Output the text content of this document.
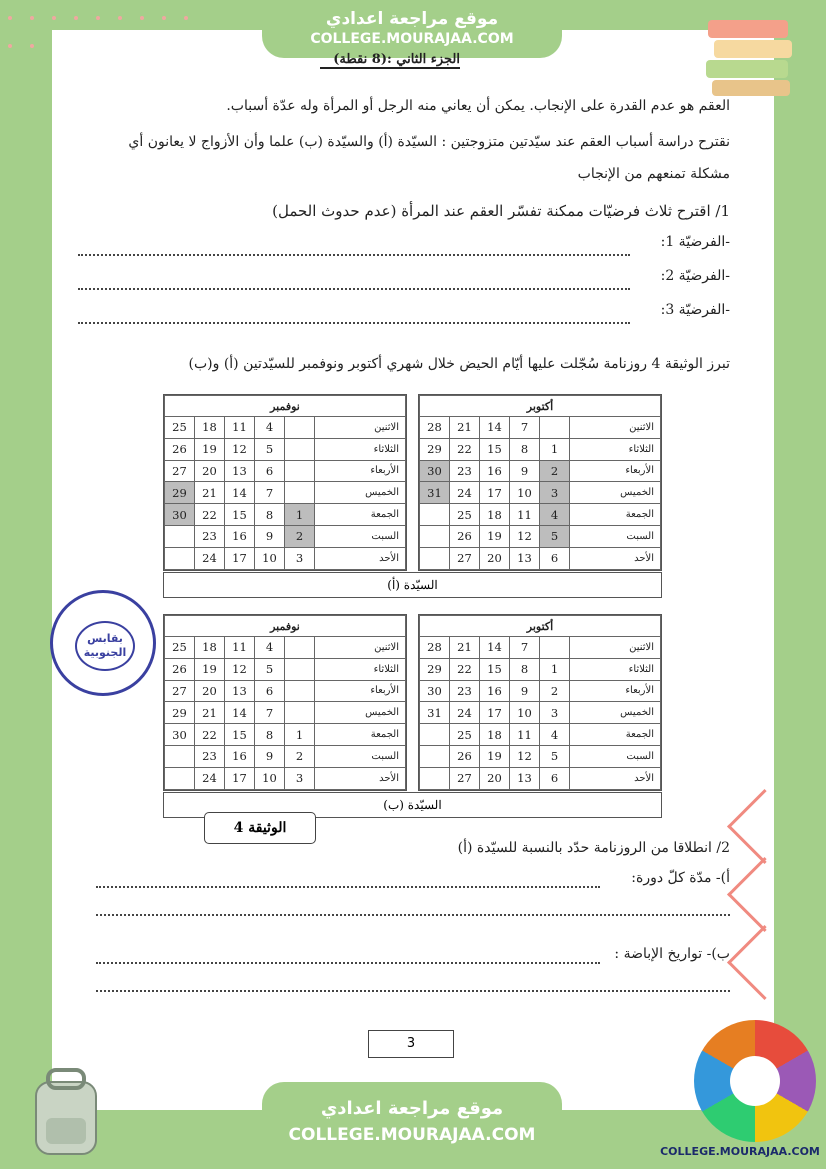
موقع مراجعة اعدادي
COLLEGE.MOURAJAA.COM
الجزء الثاني :(8 نقطة)
العقم هو عدم القدرة على الإنجاب. يمكن أن يعاني منه الرجل أو المرأة وله عدّة أسباب.
نقترح دراسة أسباب العقم عند سيّدتين متزوجتين : السيّدة (أ) والسيّدة (ب) علما وأن الأزواج لا يعانون أي
مشكلة تمنعهم من الإنجاب
1/ اقترح ثلاث فرضيّات ممكنة تفسّر العقم عند المرأة (عدم حدوث الحمل)
-الفرضيّة 1:
-الفرضيّة 2:
-الفرضيّة 3:
تبرز الوثيقة 4 روزنامة سُجّلت عليها أيّام الحيض خلال شهري أكتوبر ونوفمبر للسيّدتين (أ) و(ب)
نوفمبر					
25	18	11	4		الاثنين
26	19	12	5		الثلاثاء
27	20	13	6		الأربعاء
29	21	14	7		الخميس
30	22	15	8	1	الجمعة
	23	16	9	2	السبت
	24	17	10	3	الأحد
أكتوبر					
28	21	14	7		الاثنين
29	22	15	8	1	الثلاثاء
30	23	16	9	2	الأربعاء
31	24	17	10	3	الخميس
	25	18	11	4	الجمعة
	26	19	12	5	السبت
	27	20	13	6	الأحد
السيّدة (أ)
نوفمبر					
25	18	11	4		الاثنين
26	19	12	5		الثلاثاء
27	20	13	6		الأربعاء
29	21	14	7		الخميس
30	22	15	8	1	الجمعة
	23	16	9	2	السبت
	24	17	10	3	الأحد
أكتوبر					
28	21	14	7		الاثنين
29	22	15	8	1	الثلاثاء
30	23	16	9	2	الأربعاء
31	24	17	10	3	الخميس
	25	18	11	4	الجمعة
	26	19	12	5	السبت
	27	20	13	6	الأحد
السيّدة (ب)
الوثيقة 4
بقابس الجنوبية
2/ انطلاقا من الروزنامة حدّد بالنسبة للسيّدة (أ)
أ)- مدّة كلّ دورة:
ب)- تواريخ الإباضة :
3
موقع مراجعة اعدادي
COLLEGE.MOURAJAA.COM
COLLEGE.MOURAJAA.COM
